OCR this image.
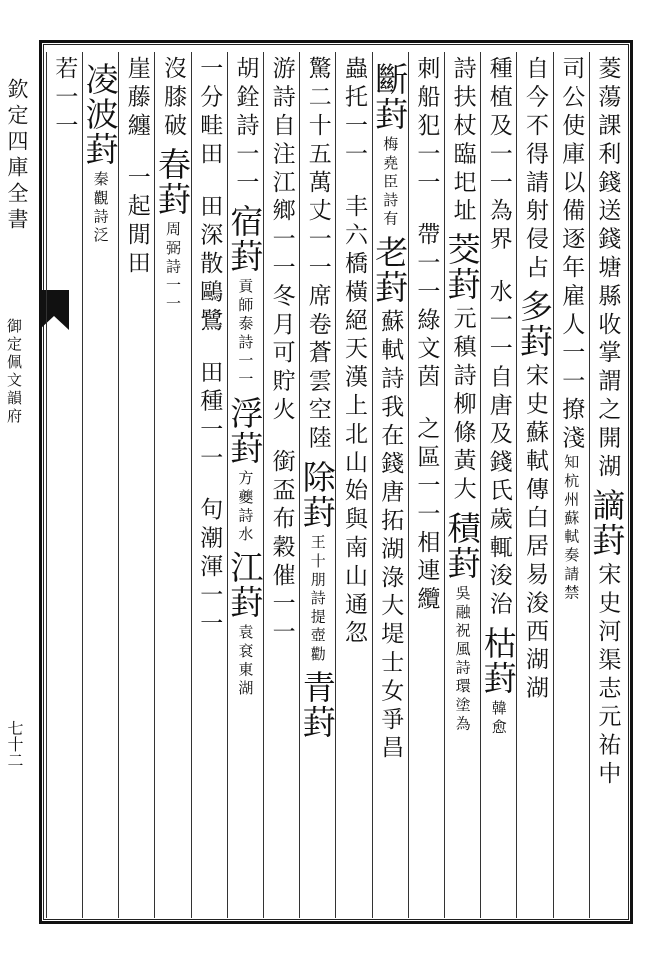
欽定四庫全書
御定佩文韻府
七十二
菱蕩課利錢送錢塘縣收掌謂之開湖
謫葑
宋史河渠志元祐中
司公使庫以備逐年雇人一一撩淺
知杭州蘇軾奏請禁
自今不得請射侵占
多葑
宋史蘇軾傳白居易浚西湖湖
種植及一一為界
水一一自唐及錢氏歲輒浚治
枯葑
韓愈
詩扶杖臨圯址
茭葑
元稹詩柳條黃大
積葑
吳融祝風詩環塗為
刺船犯一一
帶一一綠文茵
之區一一相連纜
斷葑
梅堯臣詩有
老葑
蘇軾詩我在錢唐拓湖淥大堤士女爭昌
蟲托一一
丰六橋橫絕天漢上北山始與南山通忽
驚二十五萬丈一一席卷蒼雲空陸
除葑
王十朋詩提壺勸
青葑
游詩自注江鄉一一冬月可貯火
銜盃布穀催一一
胡銓詩一一
宿葑
貢師泰詩一一
浮葑
方夔詩水
江葑
袁袞東湖
一分畦田
田深散鷗鷺
田種一一
句潮渾一一
沒膝破
春葑
周弼詩一一
崖藤纏
一起閒田
凌波葑
秦觀詩泛
若一一
